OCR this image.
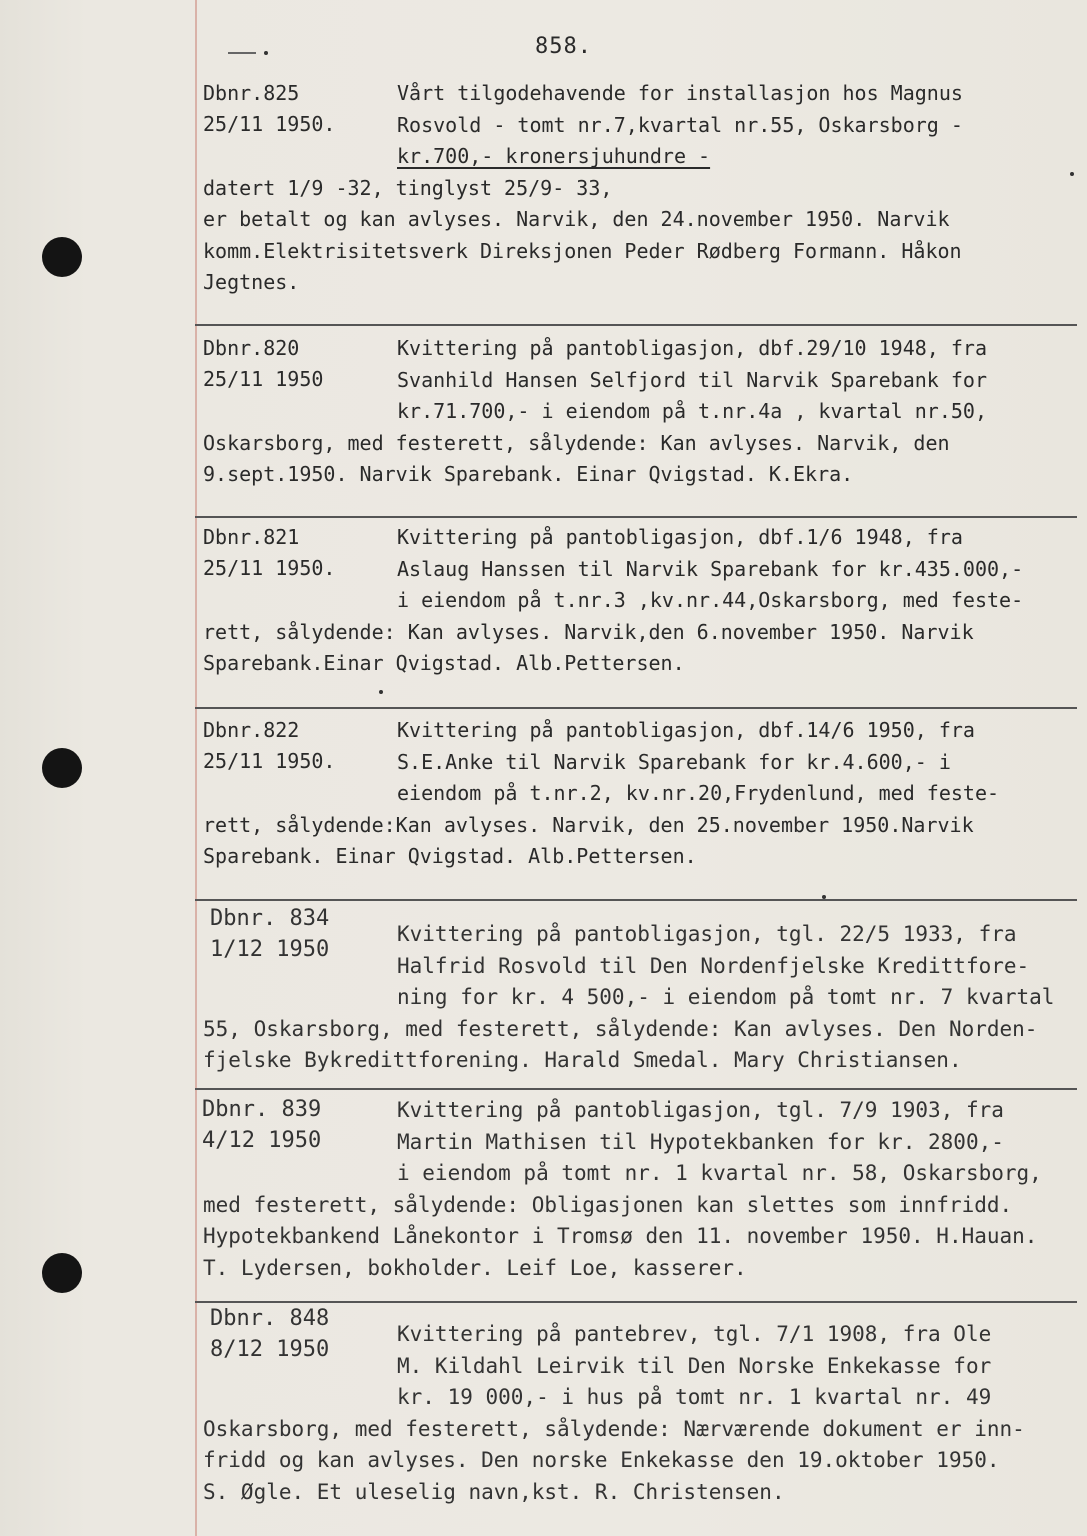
858.
Dbnr.825
25/11 1950.
Vårt tilgodehavende for installasjon hos Magnus
Rosvold - tomt nr.7,kvartal nr.55, Oskarsborg -
kr.700,- kronersjuhundre -
datert 1/9 -32, tinglyst 25/9- 33,
er betalt og kan avlyses. Narvik, den 24.november 1950. Narvik
komm.Elektrisitetsverk Direksjonen Peder Rødberg Formann. Håkon
Jegtnes.
Dbnr.820
25/11 1950
Kvittering på pantobligasjon, dbf.29/10 1948, fra
Svanhild Hansen Selfjord til Narvik Sparebank for
kr.71.700,- i eiendom på t.nr.4a , kvartal nr.50,
Oskarsborg, med festerett, sålydende: Kan avlyses. Narvik, den
9.sept.1950. Narvik Sparebank. Einar Qvigstad. K.Ekra.
Dbnr.821
25/11 1950.
Kvittering på pantobligasjon, dbf.1/6 1948, fra
Aslaug Hanssen til Narvik Sparebank for kr.435.000,-
i eiendom på t.nr.3 ,kv.nr.44,Oskarsborg, med feste-
rett, sålydende: Kan avlyses. Narvik,den 6.november 1950. Narvik
Sparebank.Einar Qvigstad. Alb.Pettersen.
Dbnr.822
25/11 1950.
Kvittering på pantobligasjon, dbf.14/6 1950, fra
S.E.Anke til Narvik Sparebank for kr.4.600,- i
eiendom på t.nr.2, kv.nr.20,Frydenlund, med feste-
rett, sålydende:Kan avlyses. Narvik, den 25.november 1950.Narvik
Sparebank. Einar Qvigstad. Alb.Pettersen.
Dbnr. 834
1/12 1950
Kvittering på pantobligasjon, tgl. 22/5 1933, fra
Halfrid Rosvold til Den Nordenfjelske Kredittfore-
ning for kr. 4 500,- i eiendom på tomt nr. 7 kvartal
55, Oskarsborg, med festerett, sålydende: Kan avlyses. Den Norden-
fjelske Bykredittforening. Harald Smedal. Mary Christiansen.
Dbnr. 839
4/12 1950
Kvittering på pantobligasjon, tgl. 7/9 1903, fra
Martin Mathisen til Hypotekbanken for kr. 2800,-
i eiendom på tomt nr. 1 kvartal nr. 58, Oskarsborg,
med festerett, sålydende: Obligasjonen kan slettes som innfridd.
Hypotekbankend Lånekontor i Tromsø den 11. november 1950. H.Hauan.
T. Lydersen, bokholder. Leif Loe, kasserer.
Dbnr. 848
8/12 1950
Kvittering på pantebrev, tgl. 7/1 1908, fra Ole
M. Kildahl Leirvik til Den Norske Enkekasse for
kr. 19 000,- i hus på tomt nr. 1 kvartal nr. 49
Oskarsborg, med festerett, sålydende: Nærværende dokument er inn-
fridd og kan avlyses. Den norske Enkekasse den 19.oktober 1950.
S. Øgle. Et uleselig navn,kst. R. Christensen.
